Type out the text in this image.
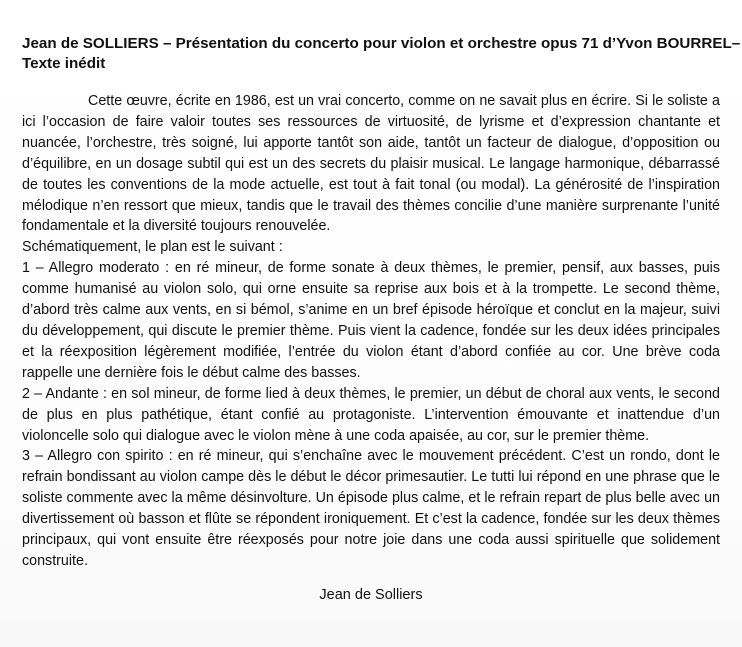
Jean de SOLLIERS – Présentation du concerto pour violon et orchestre opus 71 d’Yvon BOURREL–
Texte inédit

Cette œuvre, écrite en 1986, est un vrai concerto, comme on ne savait plus en écrire. Si le soliste a ici l’occasion de faire valoir toutes ses ressources de virtuosité, de lyrisme et d’expression chantante et nuancée, l’orchestre, très soigné, lui apporte tantôt son aide, tantôt un facteur de dialogue, d’opposition ou d’équilibre, en un dosage subtil qui est un des secrets du plaisir musical. Le langage harmonique, débarrassé de toutes les conventions de la mode actuelle, est tout à fait tonal (ou modal). La générosité de l’inspiration mélodique n’en ressort que mieux, tandis que le travail des thèmes concilie d’une manière surprenante l’unité fondamentale et la diversité toujours renouvelée.

Schématiquement, le plan est le suivant :

1 – Allegro moderato : en ré mineur, de forme sonate à deux thèmes, le premier, pensif, aux basses, puis comme humanisé au violon solo, qui orne ensuite sa reprise aux bois et à la trompette. Le second thème, d’abord très calme aux vents, en si bémol, s’anime en un bref épisode héroïque et conclut en la majeur, suivi du développement, qui discute le premier thème. Puis vient la cadence, fondée sur les deux idées principales et la réexposition légèrement modifiée, l’entrée du violon étant d’abord confiée au cor. Une brève coda rappelle une dernière fois le début calme des basses.

2 – Andante : en sol mineur, de forme lied à deux thèmes, le premier, un début de choral aux vents, le second de plus en plus pathétique, étant confié au protagoniste. L’intervention émouvante et inattendue d’un violoncelle solo qui dialogue avec le violon mène à une coda apaisée, au cor, sur le premier thème.

3 – Allegro con spirito : en ré mineur, qui s’enchaîne avec le mouvement précédent. C’est un rondo, dont le refrain bondissant au violon campe dès le début le décor primesautier. Le tutti lui répond en une phrase que le soliste commente avec la même désinvolture. Un épisode plus calme, et le refrain repart de plus belle avec un divertissement où basson et flûte se répondent ironiquement. Et c’est la cadence, fondée sur les deux thèmes principaux, qui vont ensuite être réexposés pour notre joie dans une coda aussi spirituelle que solidement construite.

Jean de Solliers
